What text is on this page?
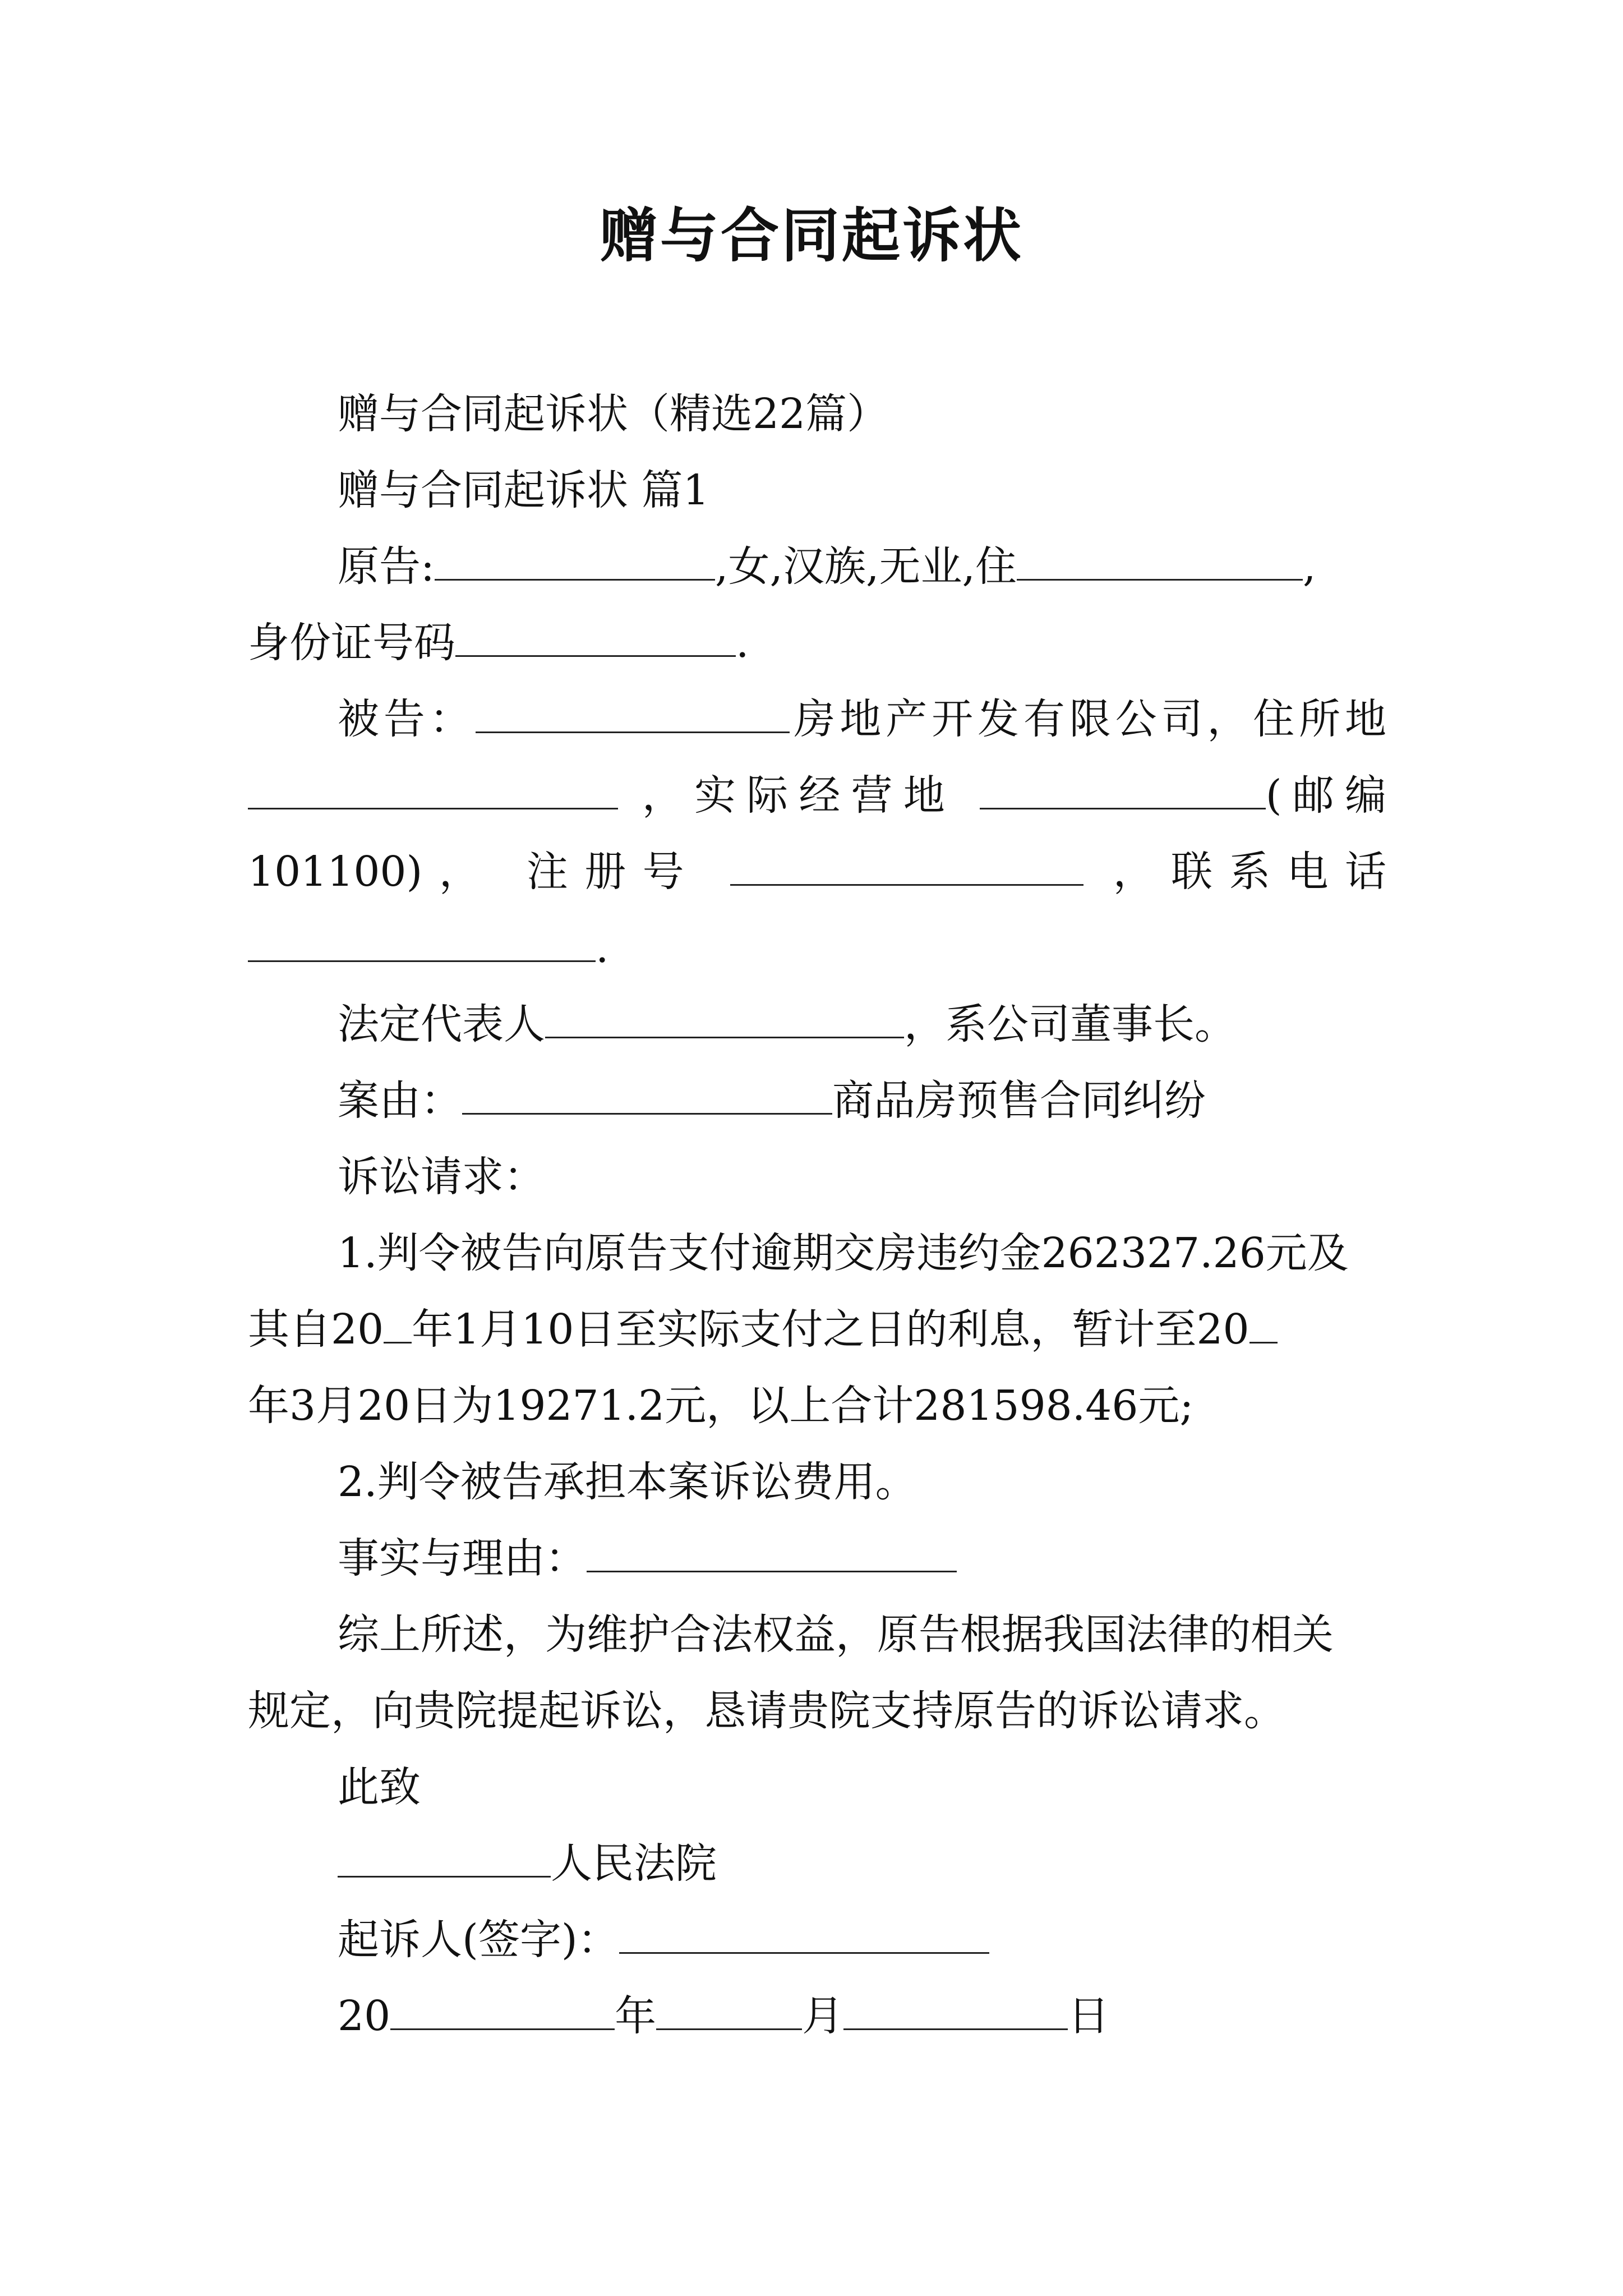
赠与合同起诉状
赠与合同起诉状（精选22篇）
赠与合同起诉状 篇1
原告:	,女,汉族,无业,住	,
身份证号码	.
被告：	房地产开发有限公司，住所地
，实际经营地	(邮编
101100)， 注册号	，联系电话
.
法定代表人	，系公司董事长。
案由：	商品房预售合同纠纷
诉讼请求：
1.判令被告向原告支付逾期交房违约金262327.26元及
其自20 年1月10日至实际支付之日的利息，暂计至20
年3月20日为19271.2元，以上合计281598.46元;
2.判令被告承担本案诉讼费用。
事实与理由：
综上所述，为维护合法权益，原告根据我国法律的相关
规定，向贵院提起诉讼，恳请贵院支持原告的诉讼请求。
此致
人民法院
起诉人(签字)：
20	年	月	日
